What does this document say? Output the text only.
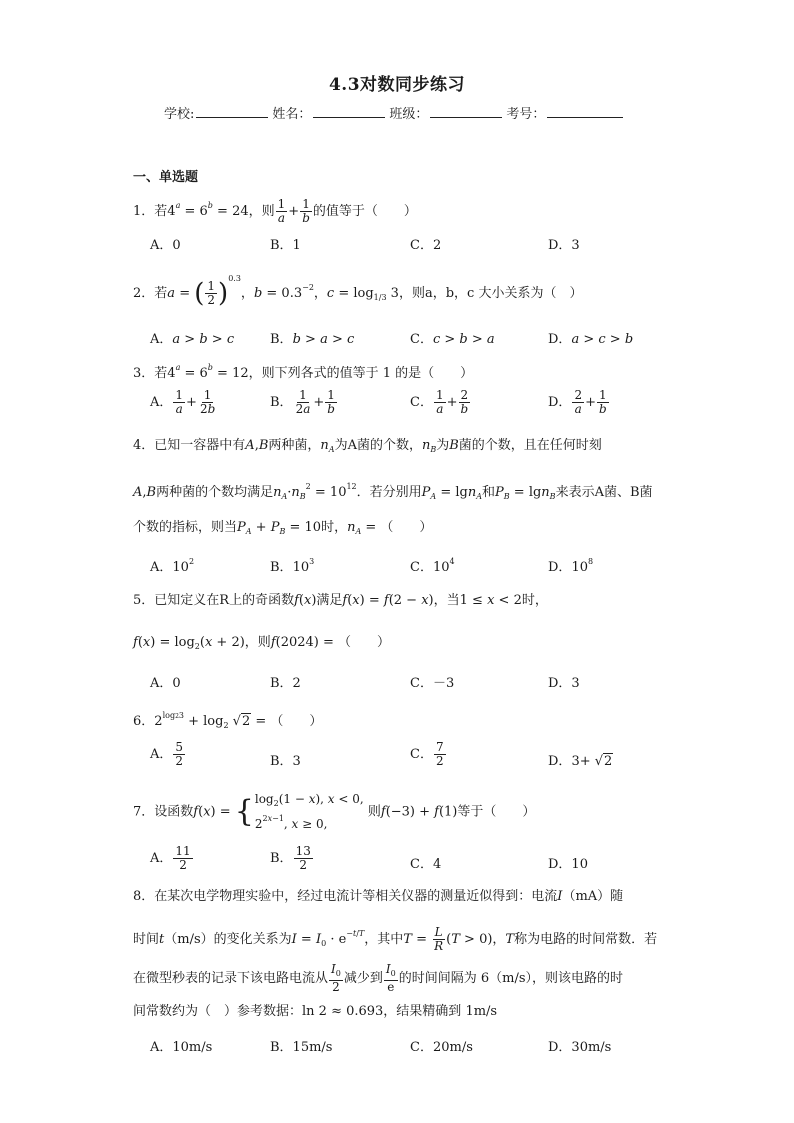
4.3对数同步练习
学校:	姓名：	班级：	考号：
一、单选题
1．若$4^a = 6^b = 24$，则 $\frac{1}{a} + \frac{1}{b}$ 的值等于（　　）
A．0	B．1	C．2	D．3
2．若a = ( $\frac{1}{2} )^{0.3}$，$b = 0.3^{-2}$，$c = \log_{1/3} 3$，则a，b，c 大小关系为（　）
A．a > b > c	B．b > a > c	C．c > b > a	D．a > c > b
3．若$4^a = 6^b = 12$，则下列各式的值等于 1 的是（　　）
A． $\frac{1}{a} + \frac{1}{2b}$	B． $\frac{1}{2a} + \frac{1}{b}$	C． $\frac{1}{a} + \frac{2}{b}$	D． $\frac{2}{a} + \frac{1}{b}$
4．已知一容器中有A,B两种菌，$n_A$为A菌的个数，$n_B$为B菌的个数，且在任何时刻
A,B两种菌的个数均满足$n_A\cdot n_B^2 = 10^{12}$．若分别用$P_A = \lg n_A$和$P_B = \lg n_B$来表示A菌、B菌
个数的指标，则当$P_A + P_B = 10$时，$n_A$ = （　　）
A．$10^2$	B．$10^3$	C．$10^4$	D．$10^8$
5．已知定义在R上的奇函数f(x)满足f(x) = f(2 − x)，当1 ≤ x < 2时，
$f(x) = \log_2(x + 2)$，则f(2024) = （　　）
A．0	B．2	C．－3	D．3
6．$2^{log23} + \log_2 √2$ = （　　）
A． $\frac{5}{2}$	B．3	C． $\frac{7}{2}$	D．3+ √2
7．设函数f(x) = { $\log_2(1 - x)$, x < 0,
$2^{2x-1}$, x ≥ 0,
则f(−3) + f(1)等于（　　）
A． $\frac{11}{2}$	B． $\frac{13}{2}$	C．4	D．10
8．在某次电学物理实验中，经过电流计等相关仪器的测量近似得到：电流I（mA）随
时间t（m/s）的变化关系为$I = I_0 \cdot e^{-t/T}$，其中$T = \frac{L}{R} (T > 0)$，T称为电路的时间常数．若
在微型秒表的记录下该电路电流从 $\frac{I_0}{2}$ 减少到 $\frac{I_0}{e}$ 的时间间隔为 6（m/s），则该电路的时
间常数约为（　）参考数据：ln 2 ≈ 0.693，结果精确到 1m/s
A．10m/s	B．15m/s	C．20m/s	D．30m/s
